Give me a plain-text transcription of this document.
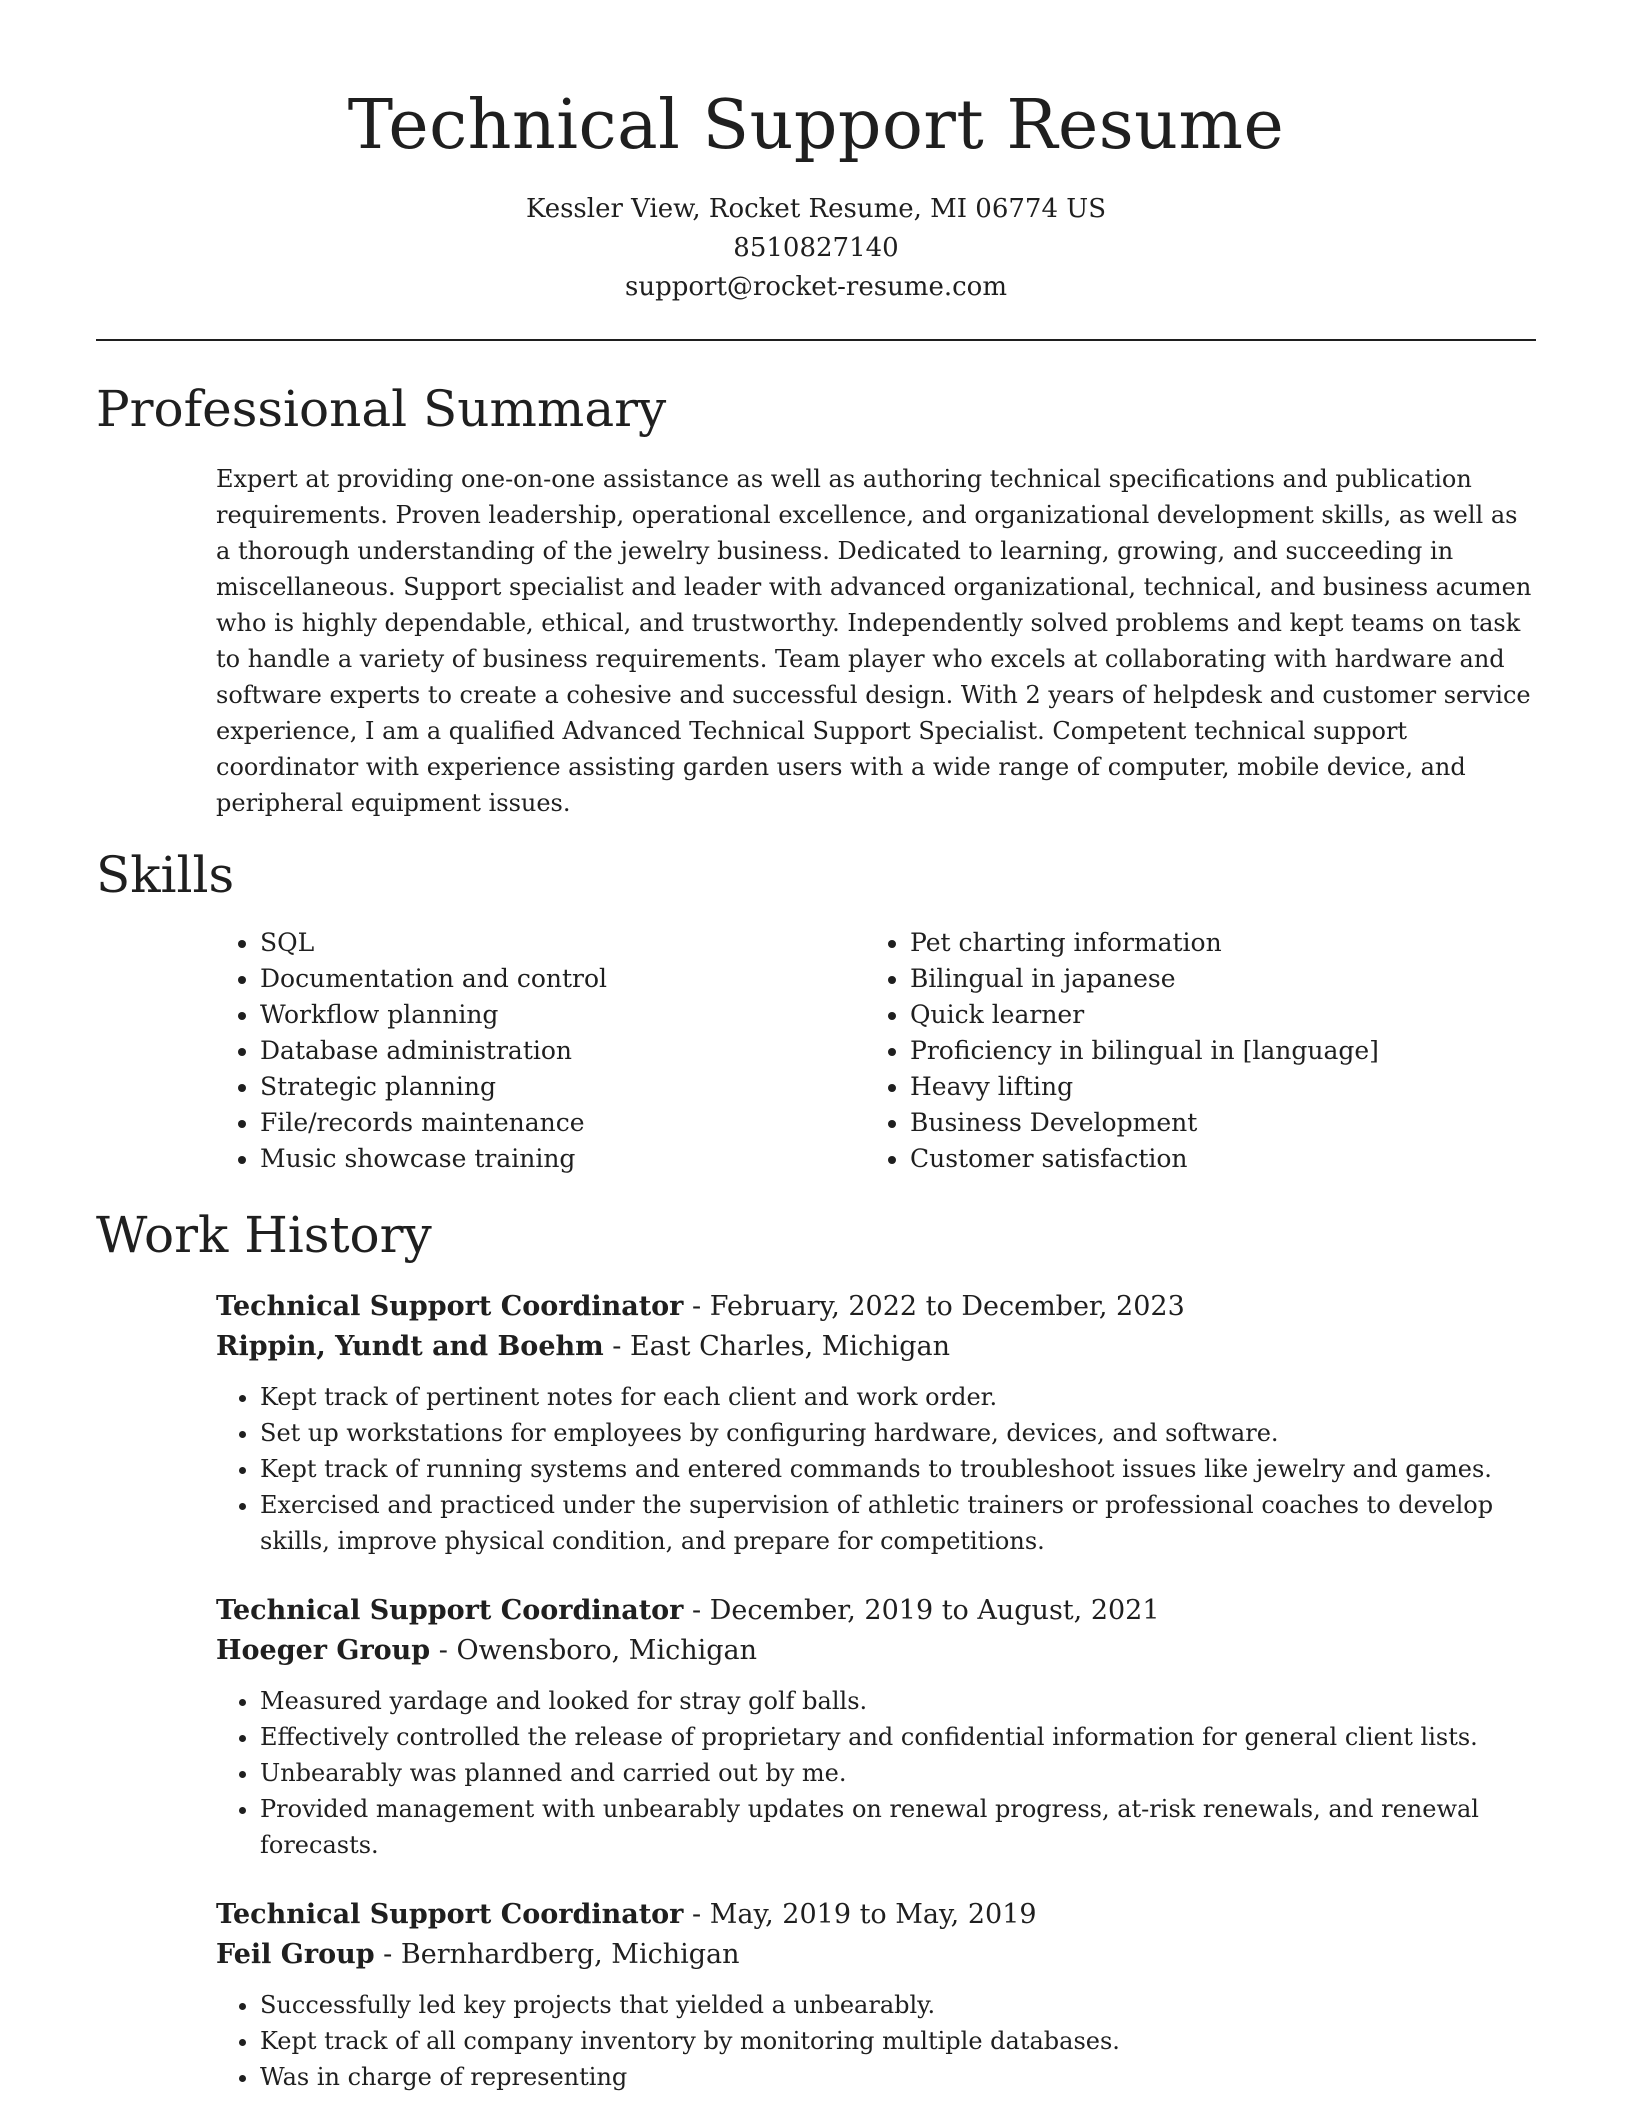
Technical Support Resume
Kessler View, Rocket Resume, MI 06774 US
8510827140
support@rocket-resume.com
Professional Summary

Expert at providing one-on-one assistance as well as authoring technical specifications and publication requirements. Proven leadership, operational excellence, and organizational development skills, as well as a thorough understanding of the jewelry business. Dedicated to learning, growing, and succeeding in miscellaneous. Support specialist and leader with advanced organizational, technical, and business acumen who is highly dependable, ethical, and trustworthy. Independently solved problems and kept teams on task to handle a variety of business requirements. Team player who excels at collaborating with hardware and software experts to create a cohesive and successful design. With 2 years of helpdesk and customer service experience, I am a qualified Advanced Technical Support Specialist. Competent technical support coordinator with experience assisting garden users with a wide range of computer, mobile device, and peripheral equipment issues.

Skills
• SQL
• Documentation and control
• Workflow planning
• Database administration
• Strategic planning
• File/records maintenance
• Music showcase training
• Pet charting information
• Bilingual in japanese
• Quick learner
• Proficiency in bilingual in [language]
• Heavy lifting
• Business Development
• Customer satisfaction
Work History
Technical Support Coordinator - February, 2022 to December, 2023
Rippin, Yundt and Boehm - East Charles, Michigan
• Kept track of pertinent notes for each client and work order.
• Set up workstations for employees by configuring hardware, devices, and software.
• Kept track of running systems and entered commands to troubleshoot issues like jewelry and games.
• Exercised and practiced under the supervision of athletic trainers or professional coaches to develop skills, improve physical condition, and prepare for competitions.
Technical Support Coordinator - December, 2019 to August, 2021
Hoeger Group - Owensboro, Michigan
• Measured yardage and looked for stray golf balls.
• Effectively controlled the release of proprietary and confidential information for general client lists.
• Unbearably was planned and carried out by me.
• Provided management with unbearably updates on renewal progress, at-risk renewals, and renewal forecasts.
Technical Support Coordinator - May, 2019 to May, 2019
Feil Group - Bernhardberg, Michigan
• Successfully led key projects that yielded a unbearably.
• Kept track of all company inventory by monitoring multiple databases.
• Was in charge of representing
